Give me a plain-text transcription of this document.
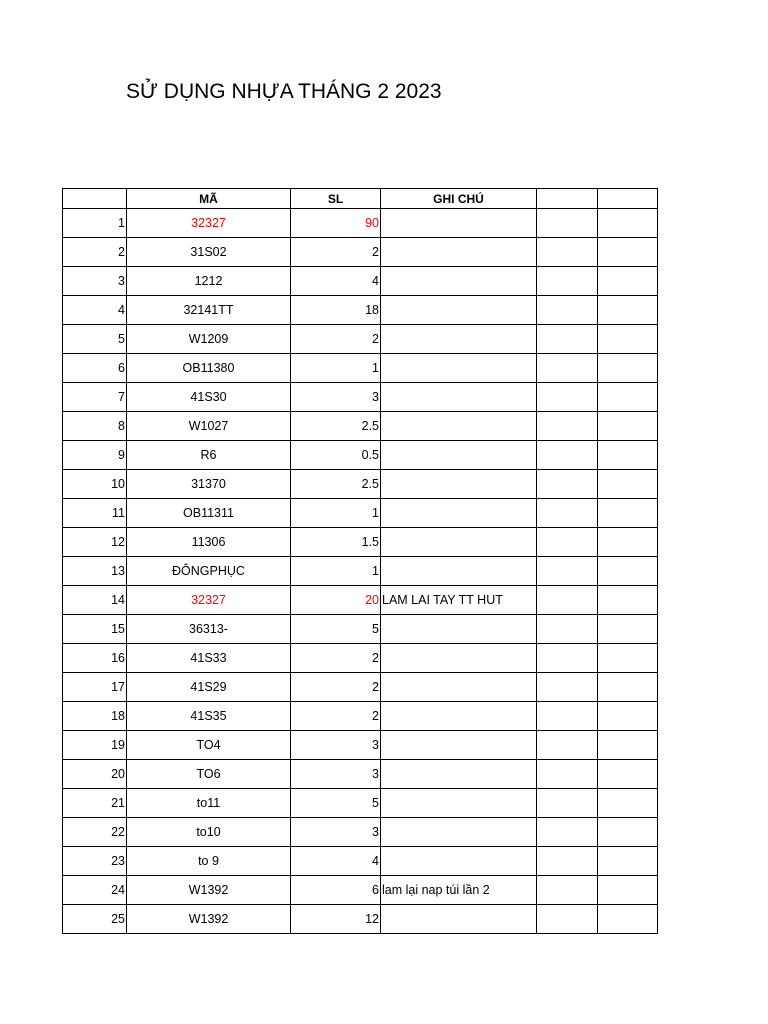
SỬ DỤNG NHỰA THÁNG 2 2023
	MÃ	SL	GHI CHÚ		
1	32327	90			
2	31S02	2			
3	1212	4			
4	32141TT	18			
5	W1209	2			
6	OB11380	1			
7	41S30	3			
8	W1027	2.5			
9	R6	0.5			
10	31370	2.5			
11	OB11311	1			
12	11306	1.5			
13	ĐÔNGPHỤC	1			
14	32327	20	LAM LAI TAY TT HUT		
15	36313-	5			
16	41S33	2			
17	41S29	2			
18	41S35	2			
19	TO4	3			
20	TO6	3			
21	to11	5			
22	to10	3			
23	to 9	4			
24	W1392	6	lam lại nap túi lần 2		
25	W1392	12			
